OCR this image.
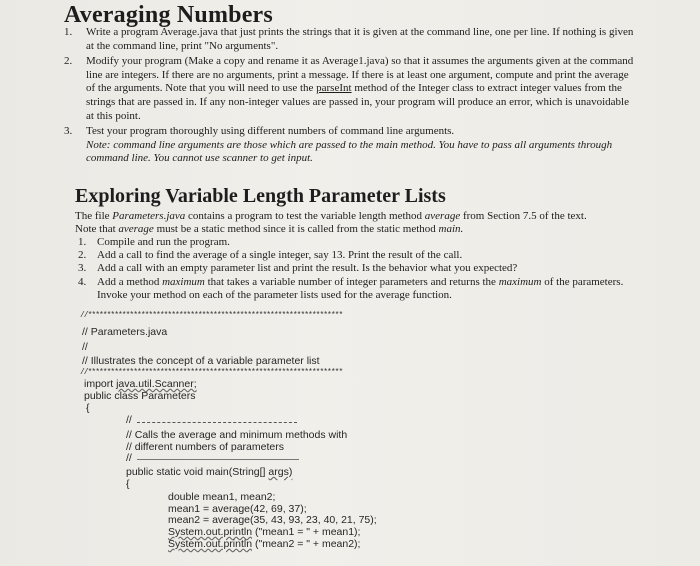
Averaging Numbers
1. Write a program Average.java that just prints the strings that it is given at the command line, one per line. If nothing is given at the command line, print "No arguments".
2. Modify your program (Make a copy and rename it as Average1.java) so that it assumes the arguments given at the command line are integers. If there are no arguments, print a message. If there is at least one argument, compute and print the average of the arguments. Note that you will need to use the parseInt method of the Integer class to extract integer values from the strings that are passed in. If any non-integer values are passed in, your program will produce an error, which is unavoidable at this point.
3. Test your program thoroughly using different numbers of command line arguments.
Note: command line arguments are those which are passed to the main method. You have to pass all arguments through command line. You cannot use scanner to get input.
Exploring Variable Length Parameter Lists
The file Parameters.java contains a program to test the variable length method average from Section 7.5 of the text.
Note that average must be a static method since it is called from the static method main.
1. Compile and run the program.
2. Add a call to find the average of a single integer, say 13. Print the result of the call.
3. Add a call with an empty parameter list and print the result. Is the behavior what you expected?
4. Add a method maximum that takes a variable number of integer parameters and returns the maximum of the parameters. Invoke your method on each of the parameter lists used for the average function.
//*******************************************************************
// Parameters.java
//
// Illustrates the concept of a variable parameter list
//*******************************************************************
import java.util.Scanner;
public class Parameters
{
//
// Calls the average and minimum methods with
// different numbers of parameters
//
public static void main(String[] args)
{
double mean1, mean2;
mean1 = average(42, 69, 37);
mean2 = average(35, 43, 93, 23, 40, 21, 75);
System.out.println ("mean1 = " + mean1);
System.out.println ("mean2 = " + mean2);
